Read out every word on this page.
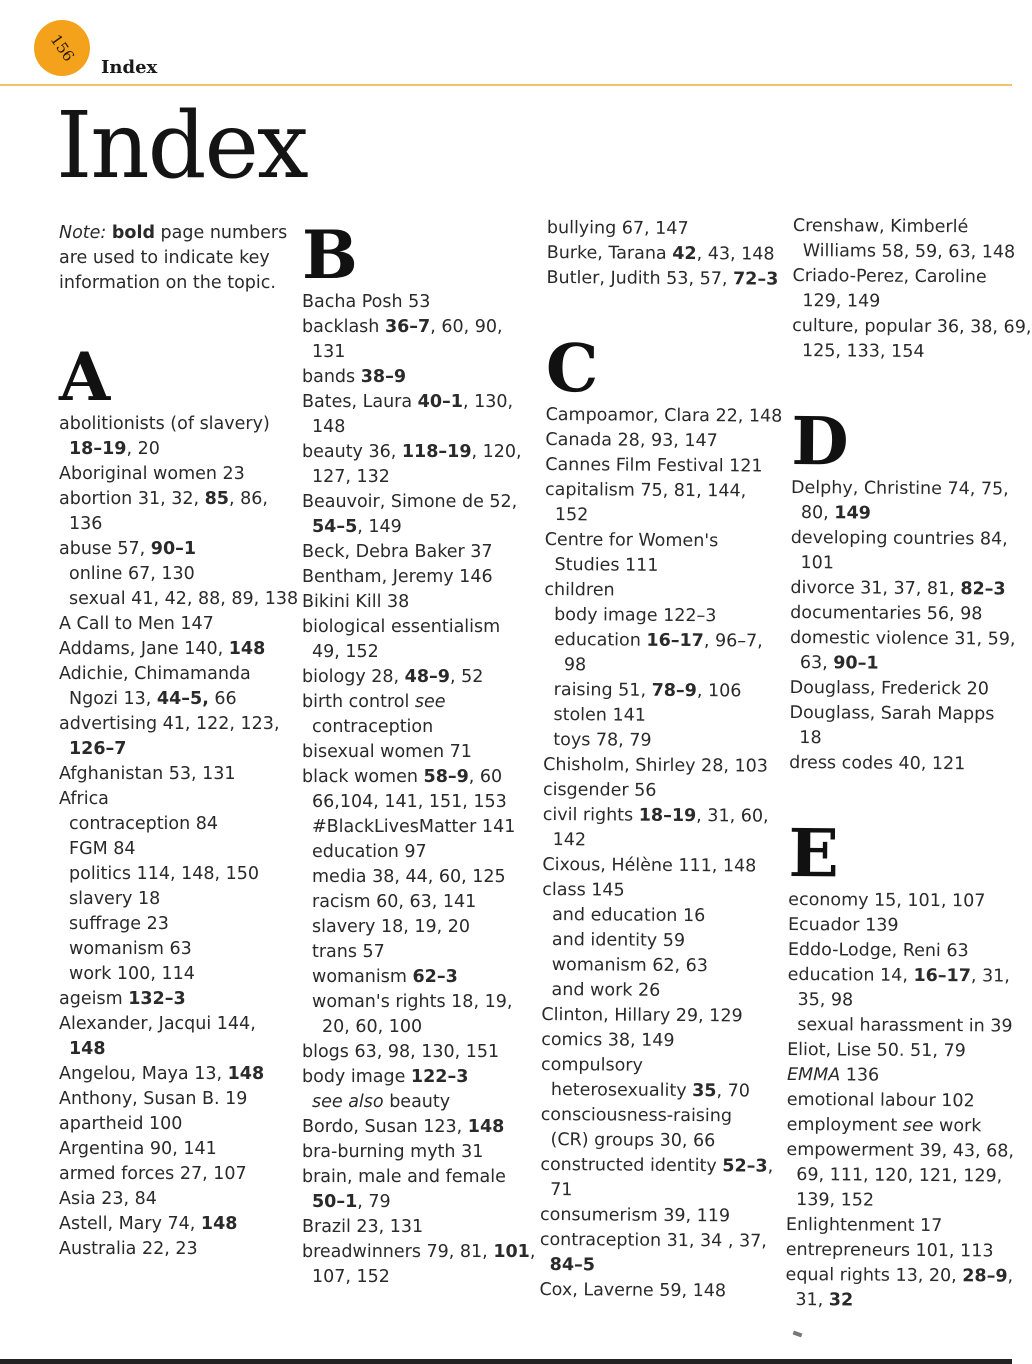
156
Index
Index
Note: bold page numbers
are used to indicate key
information on the topic.
A
abolitionists (of slavery)
18–19, 20
Aboriginal women 23
abortion 31, 32, 85, 86,
136
abuse 57, 90–1
online 67, 130
sexual 41, 42, 88, 89, 138
A Call to Men 147
Addams, Jane 140, 148
Adichie, Chimamanda
Ngozi 13, 44–5, 66
advertising 41, 122, 123,
126–7
Afghanistan 53, 131
Africa
contraception 84
FGM 84
politics 114, 148, 150
slavery 18
suffrage 23
womanism 63
work 100, 114
ageism 132–3
Alexander, Jacqui 144,
148
Angelou, Maya 13, 148
Anthony, Susan B. 19
apartheid 100
Argentina 90, 141
armed forces 27, 107
Asia 23, 84
Astell, Mary 74, 148
Australia 22, 23
B
Bacha Posh 53
backlash 36–7, 60, 90,
131
bands 38–9
Bates, Laura 40–1, 130,
148
beauty 36, 118–19, 120,
127, 132
Beauvoir, Simone de 52,
54–5, 149
Beck, Debra Baker 37
Bentham, Jeremy 146
Bikini Kill 38
biological essentialism
49, 152
biology 28, 48–9, 52
birth control see
contraception
bisexual women 71
black women 58–9, 60
66,104, 141, 151, 153
#BlackLivesMatter 141
education 97
media 38, 44, 60, 125
racism 60, 63, 141
slavery 18, 19, 20
trans 57
womanism 62–3
woman's rights 18, 19,
20, 60, 100
blogs 63, 98, 130, 151
body image 122–3
see also beauty
Bordo, Susan 123, 148
bra-burning myth 31
brain, male and female
50–1, 79
Brazil 23, 131
breadwinners 79, 81, 101,
107, 152
bullying 67, 147
Burke, Tarana 42, 43, 148
Butler, Judith 53, 57, 72–3
C
Campoamor, Clara 22, 148
Canada 28, 93, 147
Cannes Film Festival 121
capitalism 75, 81, 144,
152
Centre for Women's
Studies 111
children
body image 122–3
education 16–17, 96–7,
98
raising 51, 78–9, 106
stolen 141
toys 78, 79
Chisholm, Shirley 28, 103
cisgender 56
civil rights 18–19, 31, 60,
142
Cixous, Hélène 111, 148
class 145
and education 16
and identity 59
womanism 62, 63
and work 26
Clinton, Hillary 29, 129
comics 38, 149
compulsory
heterosexuality 35, 70
consciousness-raising
(CR) groups 30, 66
constructed identity 52–3,
71
consumerism 39, 119
contraception 31, 34 , 37,
84–5
Cox, Laverne 59, 148
Crenshaw, Kimberlé
Williams 58, 59, 63, 148
Criado-Perez, Caroline
129, 149
culture, popular 36, 38, 69,
125, 133, 154
D
Delphy, Christine 74, 75,
80, 149
developing countries 84,
101
divorce 31, 37, 81, 82–3
documentaries 56, 98
domestic violence 31, 59,
63, 90–1
Douglass, Frederick 20
Douglass, Sarah Mapps
18
dress codes 40, 121
E
economy 15, 101, 107
Ecuador 139
Eddo-Lodge, Reni 63
education 14, 16–17, 31,
35, 98
sexual harassment in 39
Eliot, Lise 50. 51, 79
EMMA 136
emotional labour 102
employment see work
empowerment 39, 43, 68,
69, 111, 120, 121, 129,
139, 152
Enlightenment 17
entrepreneurs 101, 113
equal rights 13, 20, 28–9,
31, 32
